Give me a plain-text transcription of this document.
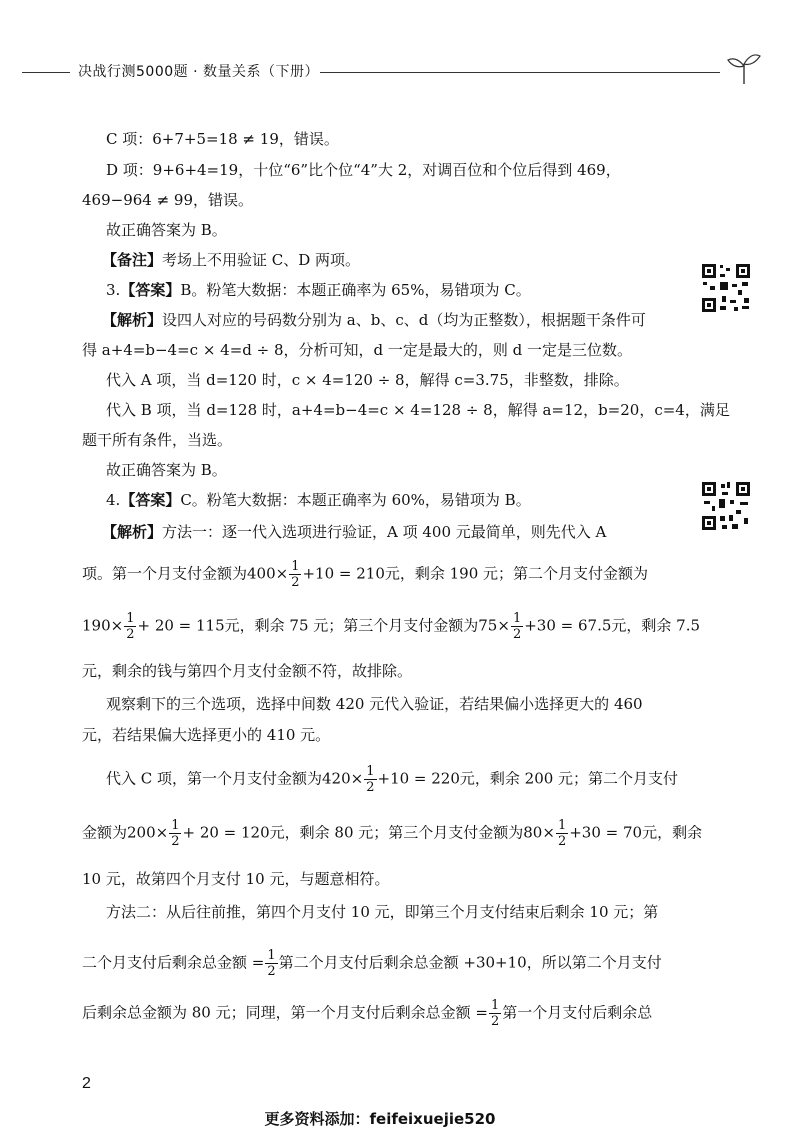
决战行测5000题 · 数量关系（下册）
C 项：6+7+5=18 ≠ 19，错误。
D 项：9+6+4=19，十位“6”比个位“4”大 2，对调百位和个位后得到 469，
469−964 ≠ 99，错误。
故正确答案为 B。
【备注】考场上不用验证 C、D 两项。
3.【答案】B。粉笔大数据：本题正确率为 65%，易错项为 C。
【解析】设四人对应的号码数分别为 a、b、c、d（均为正整数），根据题干条件可
得 a+4=b−4=c × 4=d ÷ 8，分析可知，d 一定是最大的，则 d 一定是三位数。
代入 A 项，当 d=120 时，c × 4=120 ÷ 8，解得 c=3.75，非整数，排除。
代入 B 项，当 d=128 时，a+4=b−4=c × 4=128 ÷ 8，解得 a=12，b=20，c=4，满足
题干所有条件，当选。
故正确答案为 B。
4.【答案】C。粉笔大数据：本题正确率为 60%，易错项为 B。
【解析】方法一：逐一代入选项进行验证，A 项 400 元最简单，则先代入 A
项。第一个月支付金额为$400\times \frac{1}{2} +10 = 210$元，剩余 190 元；第二个月支付金额为
$190\times \frac{1}{2} + 20 = 115$元，剩余 75 元；第三个月支付金额为$75\times \frac{1}{2} +30 = 67.5$元，剩余 7.5
元，剩余的钱与第四个月支付金额不符，故排除。
观察剩下的三个选项，选择中间数 420 元代入验证，若结果偏小选择更大的 460
元，若结果偏大选择更小的 410 元。
代入 C 项，第一个月支付金额为$420\times \frac{1}{2} +10 = 220$元，剩余 200 元；第二个月支付
金额为$200\times \frac{1}{2} + 20 = 120$元，剩余 80 元；第三个月支付金额为$80\times \frac{1}{2} +30 = 70$元，剩余
10 元，故第四个月支付 10 元，与题意相符。
方法二：从后往前推，第四个月支付 10 元，即第三个月支付结束后剩余 10 元；第
二个月支付后剩余总金额 = $\frac{1}{2}$ 第二个月支付后剩余总金额 +30+10，所以第二个月支付
后剩余总金额为 80 元；同理，第一个月支付后剩余总金额 = $\frac{1}{2}$ 第一个月支付后剩余总
2
更多资料添加：feifeixuejie520
